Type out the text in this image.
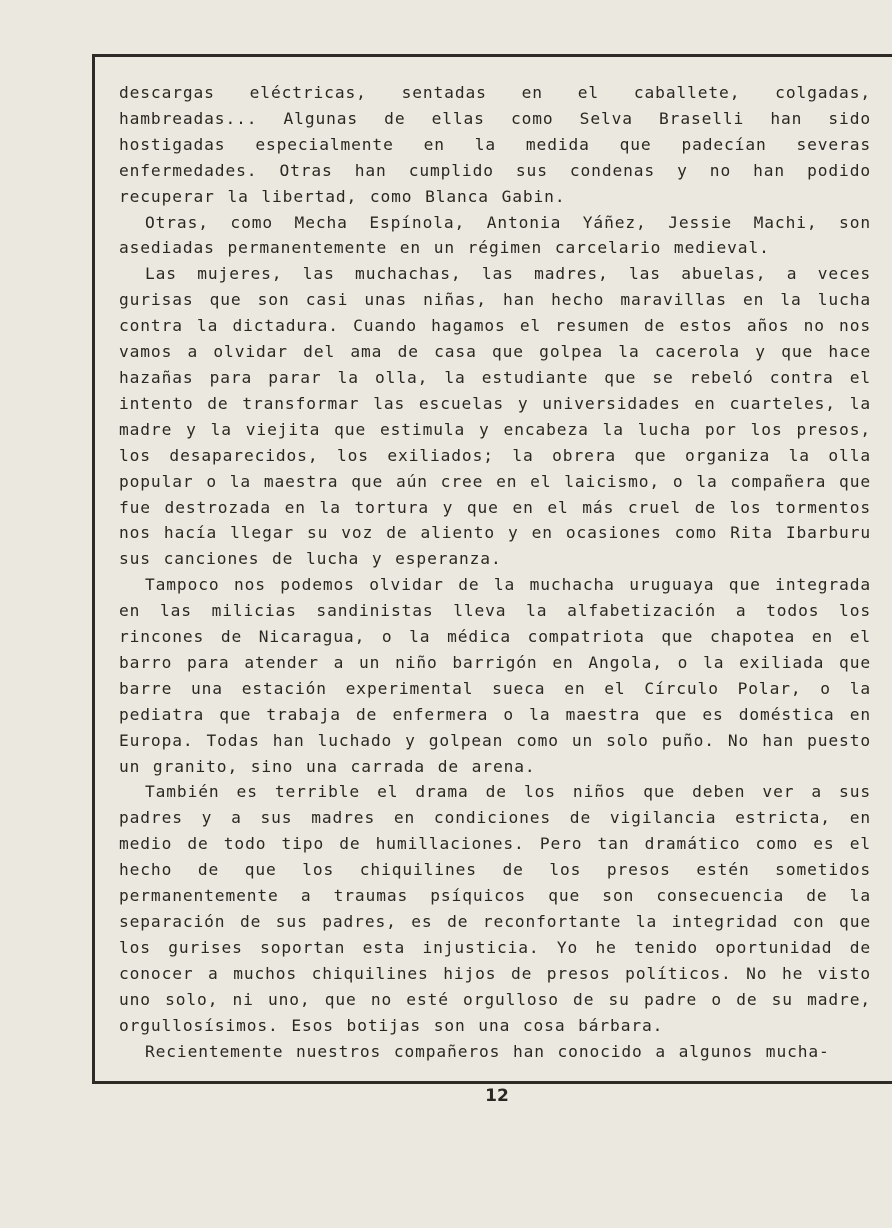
descargas eléctricas, sentadas en el caballete, colgadas, hambreadas... Algunas de ellas como Selva Braselli han sido hostigadas especialmente en la medida que padecían severas enfermedades. Otras han cumplido sus condenas y no han podido recuperar la libertad, como Blanca Gabin.

Otras, como Mecha Espínola, Antonia Yáñez, Jessie Machi, son asediadas permanentemente en un régimen carcelario medieval.

Las mujeres, las muchachas, las madres, las abuelas, a veces gurisas que son casi unas niñas, han hecho maravillas en la lucha contra la dictadura. Cuando hagamos el resumen de estos años no nos vamos a olvidar del ama de casa que golpea la cacerola y que hace hazañas para parar la olla, la estudiante que se rebeló contra el intento de transformar las escuelas y universidades en cuarteles, la madre y la viejita que estimula y encabeza la lucha por los presos, los desaparecidos, los exiliados; la obrera que organiza la olla popular o la maestra que aún cree en el laicismo, o la compañera que fue destrozada en la tortura y que en el más cruel de los tormentos nos hacía llegar su voz de aliento y en ocasiones como Rita Ibarburu sus canciones de lucha y esperanza.

Tampoco nos podemos olvidar de la muchacha uruguaya que integrada en las milicias sandinistas lleva la alfabetización a todos los rincones de Nicaragua, o la médica compatriota que chapotea en el barro para atender a un niño barrigón en Angola, o la exiliada que barre una estación experimental sueca en el Círculo Polar, o la pediatra que trabaja de enfermera o la maestra que es doméstica en Europa. Todas han luchado y golpean como un solo puño. No han puesto un granito, sino una carrada de arena.

También es terrible el drama de los niños que deben ver a sus padres y a sus madres en condiciones de vigilancia estricta, en medio de todo tipo de humillaciones. Pero tan dramático como es el hecho de que los chiquilines de los presos estén sometidos permanentemente a traumas psíquicos que son consecuencia de la separación de sus padres, es de reconfortante la integridad con que los gurises soportan esta injusticia. Yo he tenido oportunidad de conocer a muchos chiquilines hijos de presos políticos. No he visto uno solo, ni uno, que no esté orgulloso de su padre o de su madre, orgullosísimos. Esos botijas son una cosa bárbara.

Recientemente nuestros compañeros han conocido a algunos mucha-

12
